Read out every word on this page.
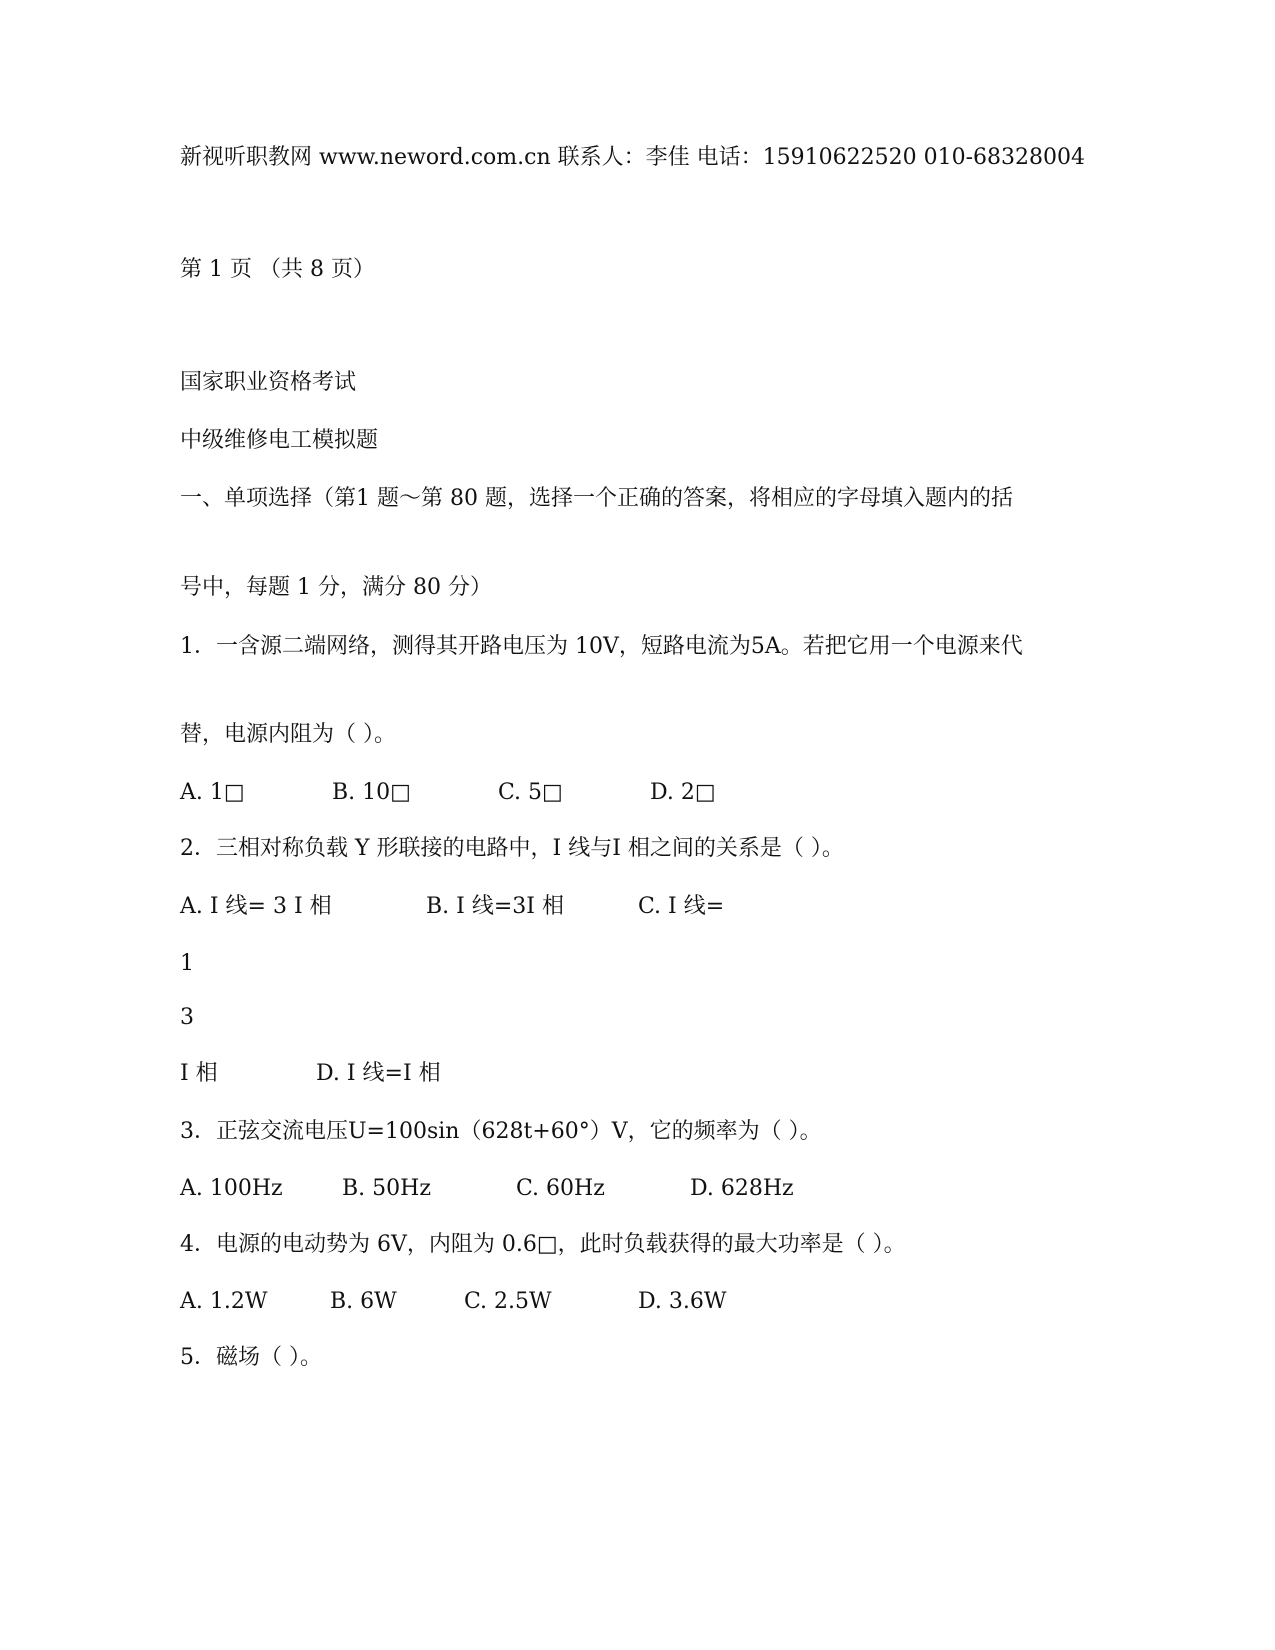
新视听职教网 www.neword.com.cn 联系人：李佳 电话：15910622520 010-68328004
第 1 页 （共 8 页）
国家职业资格考试
中级维修电工模拟题
一、单项选择（第1 题～第 80 题，选择一个正确的答案，将相应的字母填入题内的括
号中，每题 1 分，满分 80 分）
1．一含源二端网络，测得其开路电压为 10V，短路电流为5A。若把它用一个电源来代
替，电源内阻为（ ）。
A. 1□	B. 10□	C. 5□	D. 2□
2．三相对称负载 Y 形联接的电路中，I 线与I 相之间的关系是（ ）。
A. I 线= 3 I 相	B. I 线=3I 相	C. I 线=
1
3
I 相	D. I 线=I 相
3．正弦交流电压U=100sin（628t+60°）V，它的频率为（ ）。
A. 100Hz	B. 50Hz	C. 60Hz	D. 628Hz
4．电源的电动势为 6V，内阻为 0.6□，此时负载获得的最大功率是（ ）。
A. 1.2W	B. 6W	C. 2.5W	D. 3.6W
5．磁场（ ）。
